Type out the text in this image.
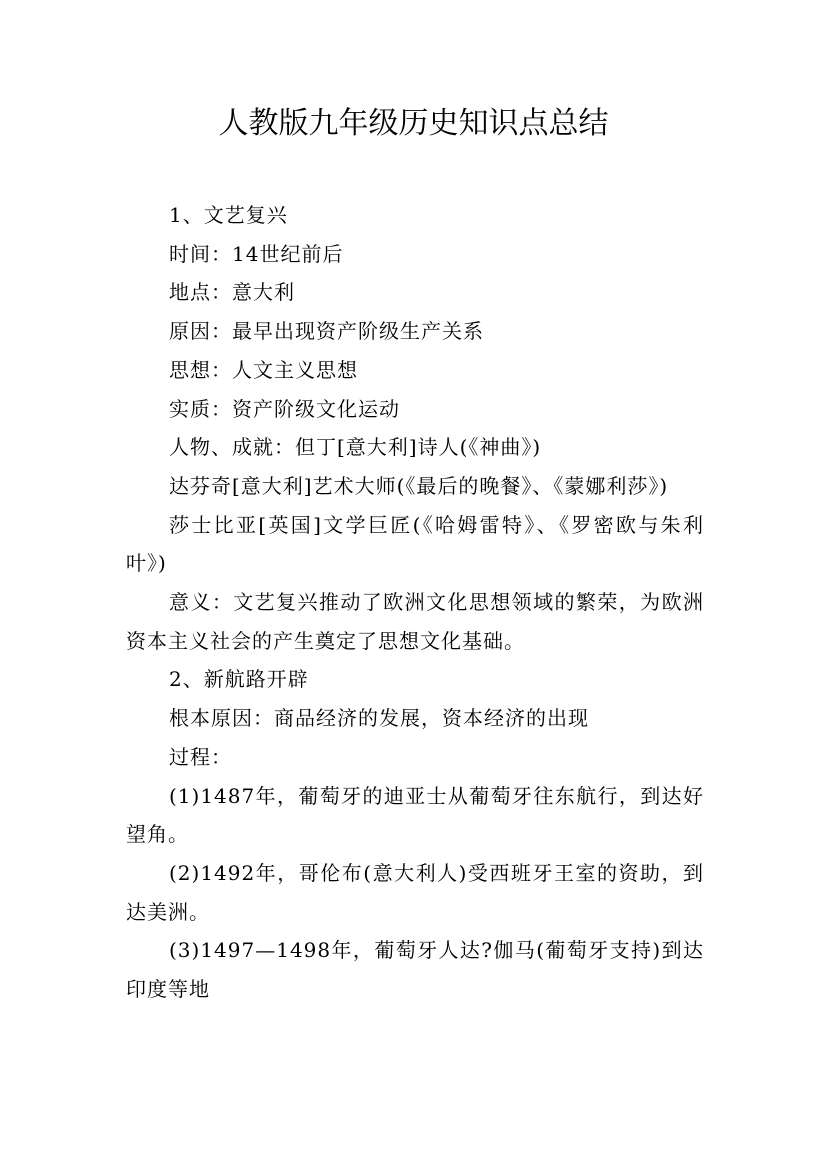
人教版九年级历史知识点总结

1、文艺复兴

时间：14世纪前后

地点：意大利

原因：最早出现资产阶级生产关系

思想：人文主义思想

实质：资产阶级文化运动

人物、成就：但丁[意大利]诗人(《神曲》)

达芬奇[意大利]艺术大师(《最后的晚餐》、《蒙娜利莎》)

莎士比亚[英国]文学巨匠(《哈姆雷特》、《罗密欧与朱利叶》)

意义：文艺复兴推动了欧洲文化思想领域的繁荣，为欧洲资本主义社会的产生奠定了思想文化基础。

2、新航路开辟

根本原因：商品经济的发展，资本经济的出现

过程：

(1)1487年，葡萄牙的迪亚士从葡萄牙往东航行，到达好望角。

(2)1492年，哥伦布(意大利人)受西班牙王室的资助，到达美洲。

(3)1497—1498年，葡萄牙人达?伽马(葡萄牙支持)到达印度等地
